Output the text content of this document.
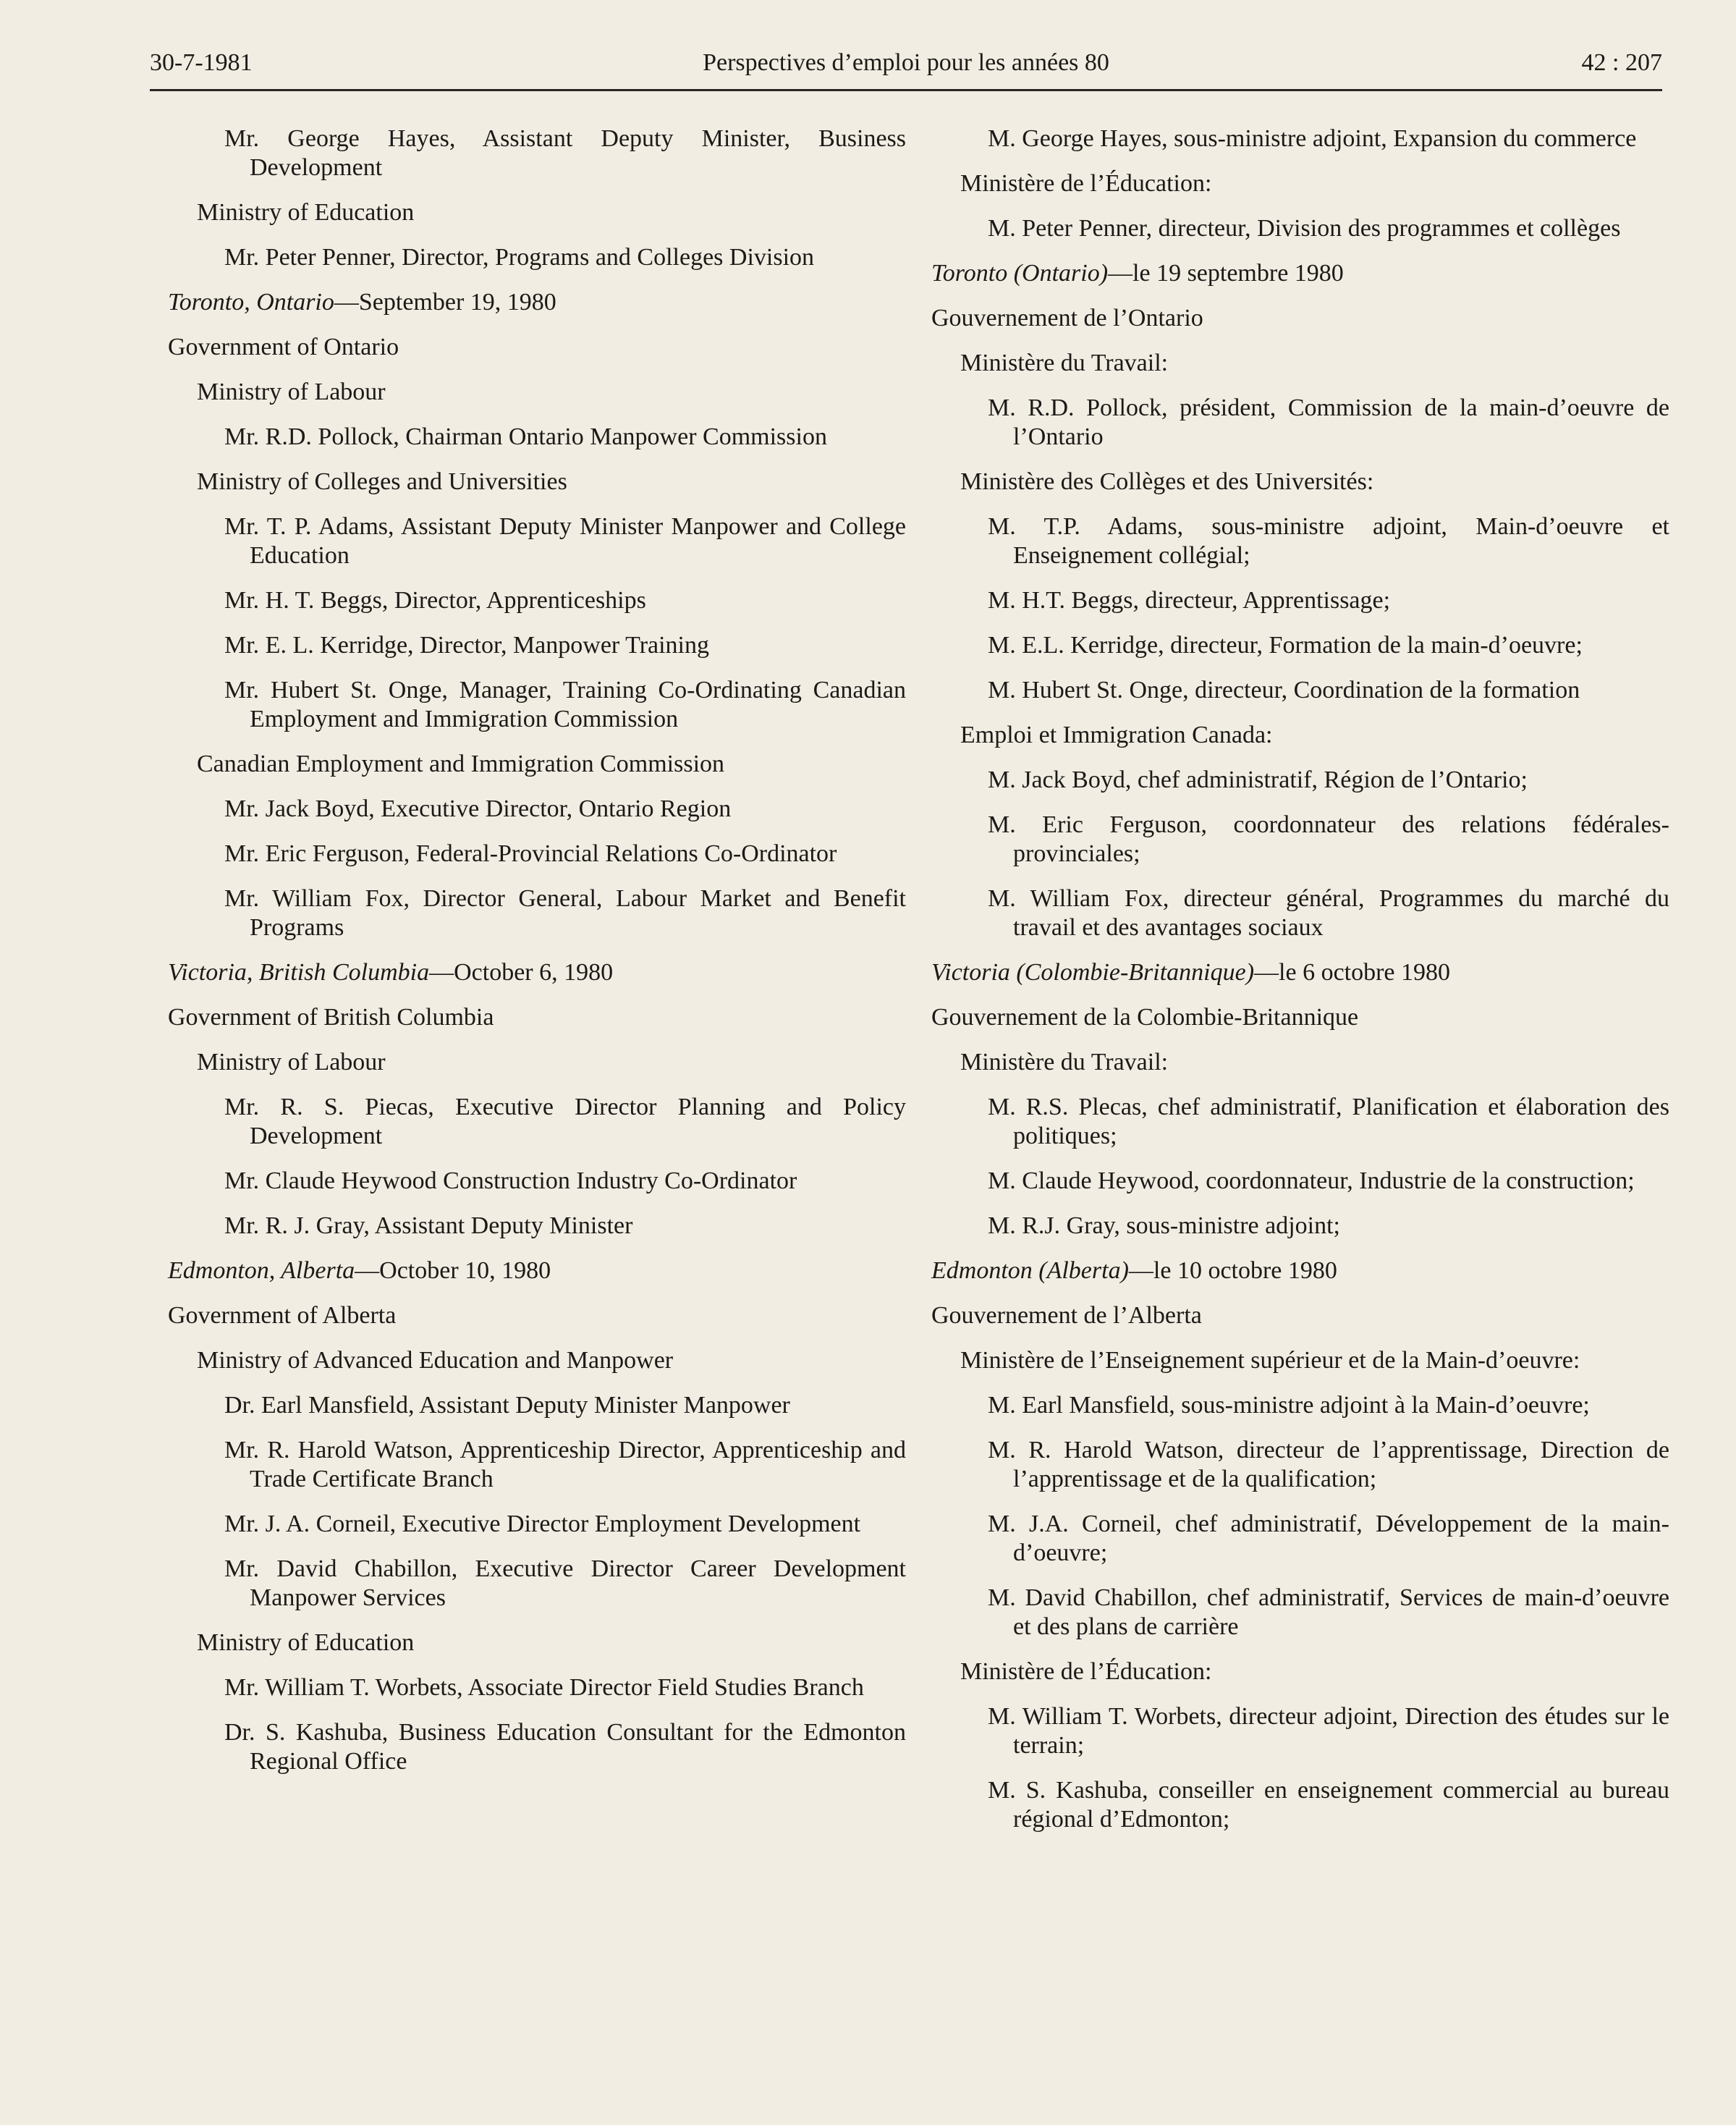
30-7-1981	Perspectives d’emploi pour les années 80	42 : 207

Mr. George Hayes, Assistant Deputy Minister, Business Development

Ministry of Education

Mr. Peter Penner, Director, Programs and Colleges Division

Toronto, Ontario—September 19, 1980

Government of Ontario

Ministry of Labour

Mr. R.D. Pollock, Chairman Ontario Manpower Commission

Ministry of Colleges and Universities

Mr. T. P. Adams, Assistant Deputy Minister Manpower and College Education

Mr. H. T. Beggs, Director, Apprenticeships

Mr. E. L. Kerridge, Director, Manpower Training

Mr. Hubert St. Onge, Manager, Training Co-Ordinating Canadian Employment and Immigration Commission

Canadian Employment and Immigration Commission

Mr. Jack Boyd, Executive Director, Ontario Region

Mr. Eric Ferguson, Federal-Provincial Relations Co-Ordinator

Mr. William Fox, Director General, Labour Market and Benefit Programs

Victoria, British Columbia—October 6, 1980

Government of British Columbia

Ministry of Labour

Mr. R. S. Piecas, Executive Director Planning and Policy Development

Mr. Claude Heywood Construction Industry Co-Ordinator

Mr. R. J. Gray, Assistant Deputy Minister

Edmonton, Alberta—October 10, 1980

Government of Alberta

Ministry of Advanced Education and Manpower

Dr. Earl Mansfield, Assistant Deputy Minister Manpower

Mr. R. Harold Watson, Apprenticeship Director, Apprenticeship and Trade Certificate Branch

Mr. J. A. Corneil, Executive Director Employment Development

Mr. David Chabillon, Executive Director Career Development Manpower Services

Ministry of Education

Mr. William T. Worbets, Associate Director Field Studies Branch

Dr. S. Kashuba, Business Education Consultant for the Edmonton Regional Office

M. George Hayes, sous-ministre adjoint, Expansion du commerce

Ministère de l’Éducation:

M. Peter Penner, directeur, Division des programmes et collèges

Toronto (Ontario)—le 19 septembre 1980

Gouvernement de l’Ontario

Ministère du Travail:

M. R.D. Pollock, président, Commission de la main-d’oeuvre de l’Ontario

Ministère des Collèges et des Universités:

M. T.P. Adams, sous-ministre adjoint, Main-d’oeuvre et Enseignement collégial;

M. H.T. Beggs, directeur, Apprentissage;

M. E.L. Kerridge, directeur, Formation de la main-d’oeuvre;

M. Hubert St. Onge, directeur, Coordination de la formation

Emploi et Immigration Canada:

M. Jack Boyd, chef administratif, Région de l’Ontario;

M. Eric Ferguson, coordonnateur des relations fédérales-provinciales;

M. William Fox, directeur général, Programmes du marché du travail et des avantages sociaux

Victoria (Colombie-Britannique)—le 6 octobre 1980

Gouvernement de la Colombie-Britannique

Ministère du Travail:

M. R.S. Plecas, chef administratif, Planification et élaboration des politiques;

M. Claude Heywood, coordonnateur, Industrie de la construction;

M. R.J. Gray, sous-ministre adjoint;

Edmonton (Alberta)—le 10 octobre 1980

Gouvernement de l’Alberta

Ministère de l’Enseignement supérieur et de la Main-d’oeuvre:

M. Earl Mansfield, sous-ministre adjoint à la Main-d’oeuvre;

M. R. Harold Watson, directeur de l’apprentissage, Direction de l’apprentissage et de la qualification;

M. J.A. Corneil, chef administratif, Développement de la main-d’oeuvre;

M. David Chabillon, chef administratif, Services de main-d’oeuvre et des plans de carrière

Ministère de l’Éducation:

M. William T. Worbets, directeur adjoint, Direction des études sur le terrain;

M. S. Kashuba, conseiller en enseignement commercial au bureau régional d’Edmonton;
